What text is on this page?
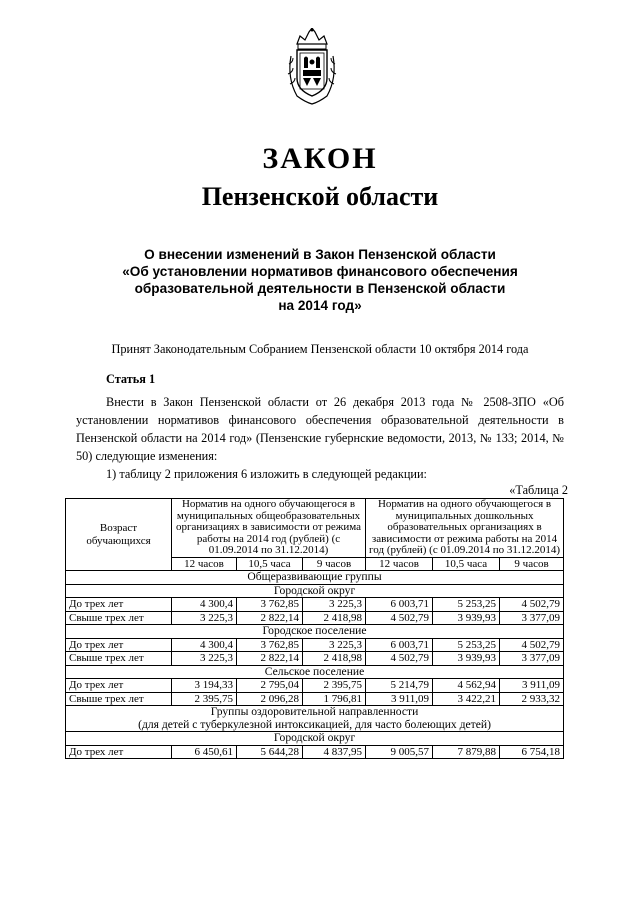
ЗАКОН
Пензенской области
О внесении изменений в Закон Пензенской области
«Об установлении нормативов финансового обеспечения
образовательной деятельности в Пензенской области
на 2014 год»
Принят Законодательным Собранием Пензенской области 10 октября 2014 года
Статья 1

Внести в Закон Пензенской области от 26 декабря 2013 года № 2508-ЗПО «Об установлении нормативов финансового обеспечения образовательной деятельности в Пензенской области на 2014 год» (Пензенские губернские ведомости, 2013, № 133; 2014, № 50) следующие изменения:

1) таблицу 2 приложения 6 изложить в следующей редакции:
«Таблица 2
Возраст обучающихся	Норматив на одного обучающегося в муниципальных общеобразовательных организациях в зависимости от режима работы на 2014 год (рублей) (с 01.09.2014 по 31.12.2014)			Норматив на одного обучающегося в муниципальных дошкольных образовательных организациях в зависимости от режима работы на 2014 год (рублей) (с 01.09.2014 по 31.12.2014)		
	12 часов	10,5 часа	9 часов	12 часов	10,5 часа	9 часов
Общеразвивающие группы						
Городской округ						
До трех лет	4 300,4	3 762,85	3 225,3	6 003,71	5 253,25	4 502,79
Свыше трех лет	3 225,3	2 822,14	2 418,98	4 502,79	3 939,93	3 377,09
Городское поселение						
До трех лет	4 300,4	3 762,85	3 225,3	6 003,71	5 253,25	4 502,79
Свыше трех лет	3 225,3	2 822,14	2 418,98	4 502,79	3 939,93	3 377,09
Сельское поселение						
До трех лет	3 194,33	2 795,04	2 395,75	5 214,79	4 562,94	3 911,09
Свыше трех лет	2 395,75	2 096,28	1 796,81	3 911,09	3 422,21	2 933,32

Группы оздоровительной направленности
(для детей с туберкулезной интоксикацией, для часто болеющих детей)						

Городской округ						
До трех лет	6 450,61	5 644,28	4 837,95	9 005,57	7 879,88	6 754,18
